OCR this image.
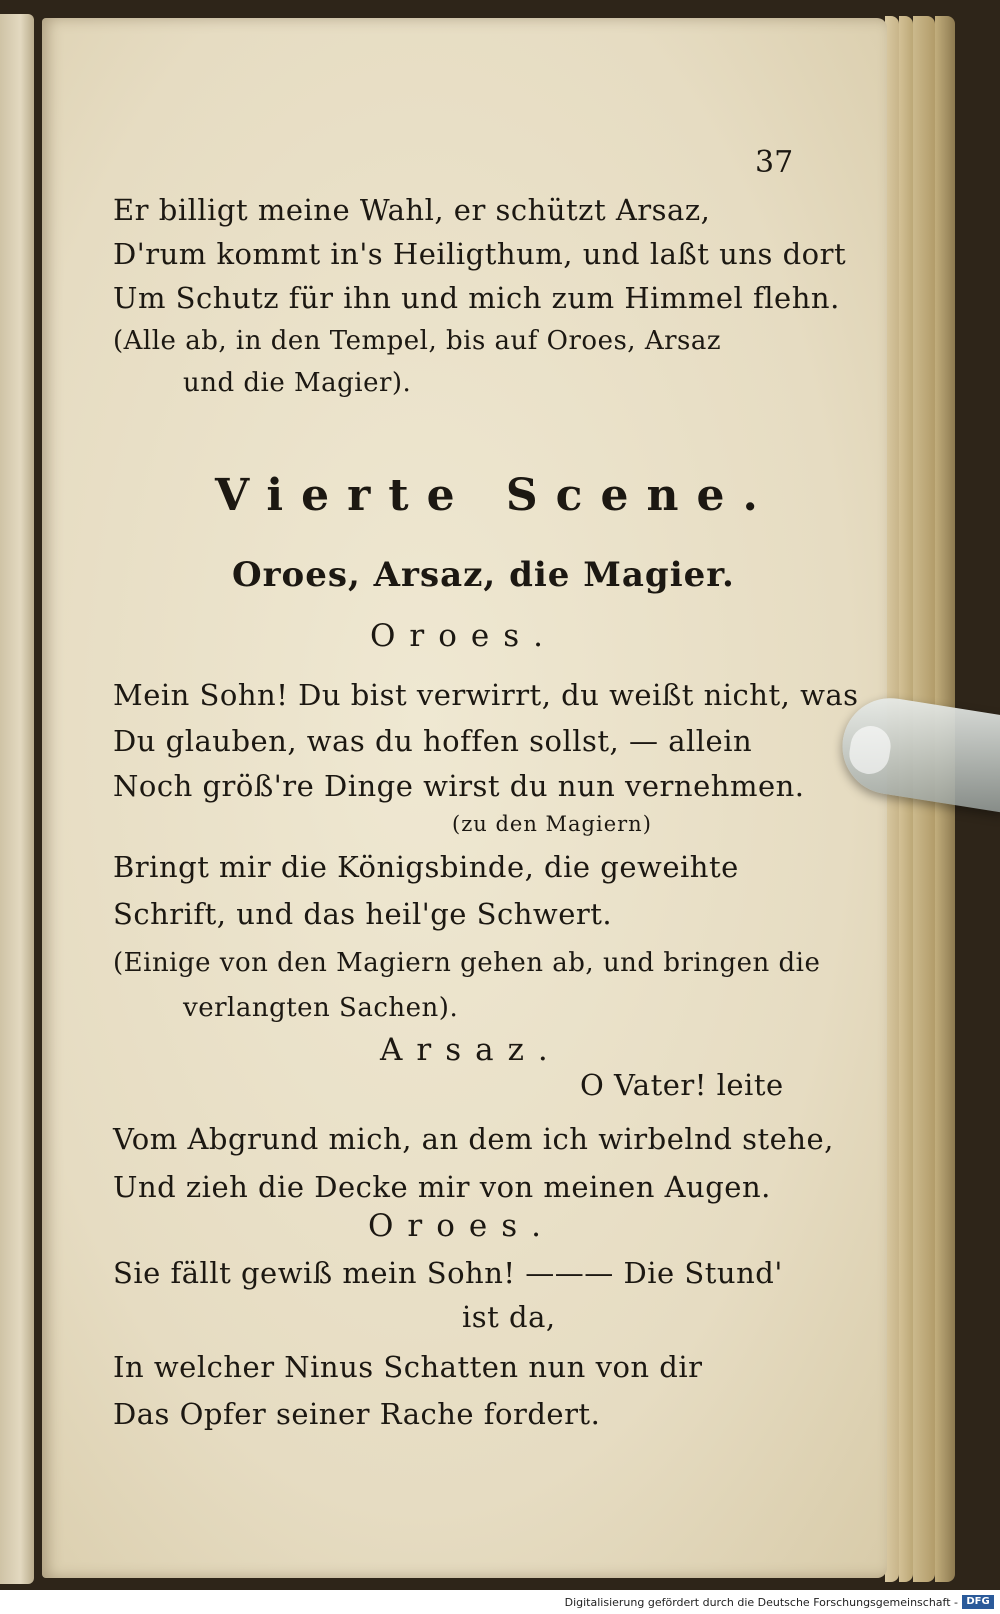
37
Er billigt meine Wahl, er schützt Arsaz,
D'rum kommt in's Heiligthum, und laßt uns dort
Um Schutz für ihn und mich zum Himmel flehn.
(Alle ab, in den Tempel, bis auf Oroes, Arsaz
und die Magier).
Vierte Scene.
Oroes, Arsaz, die Magier.
Oroes.
Mein Sohn! Du bist verwirrt, du weißt nicht, was
Du glauben, was du hoffen sollst, — allein
Noch größ're Dinge wirst du nun vernehmen.
(zu den Magiern)
Bringt mir die Königsbinde, die geweihte
Schrift, und das heil'ge Schwert.
(Einige von den Magiern gehen ab, und bringen die
verlangten Sachen).
Arsaz.
O Vater! leite
Vom Abgrund mich, an dem ich wirbelnd stehe,
Und zieh die Decke mir von meinen Augen.
Oroes.
Sie fällt gewiß mein Sohn! ——— Die Stund'
ist da,
In welcher Ninus Schatten nun von dir
Das Opfer seiner Rache fordert.
Digitalisierung gefördert durch die Deutsche Forschungsgemeinschaft - DFG
